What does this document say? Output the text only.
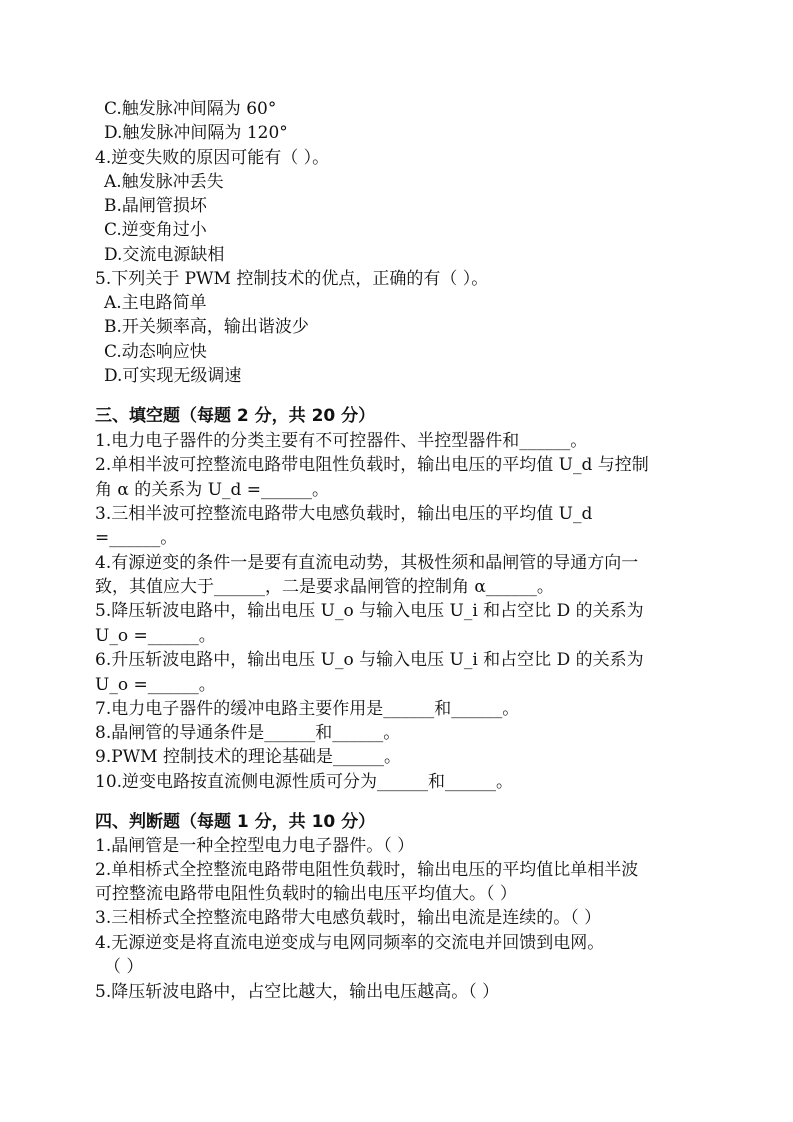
C.触发脉冲间隔为 60°
D.触发脉冲间隔为 120°
4.逆变失败的原因可能有（ ）。
A.触发脉冲丢失
B.晶闸管损坏
C.逆变角过小
D.交流电源缺相
5.下列关于 PWM 控制技术的优点，正确的有（ ）。
A.主电路简单
B.开关频率高，输出谐波少
C.动态响应快
D.可实现无级调速
三、填空题（每题 2 分，共 20 分）
1.电力电子器件的分类主要有不可控器件、半控型器件和______。
2.单相半波可控整流电路带电阻性负载时，输出电压的平均值 U_d 与控制
角 α 的关系为 U_d =______。
3.三相半波可控整流电路带大电感负载时，输出电压的平均值 U_d
=______。
4.有源逆变的条件一是要有直流电动势，其极性须和晶闸管的导通方向一
致，其值应大于______，二是要求晶闸管的控制角 α______。
5.降压斩波电路中，输出电压 U_o 与输入电压 U_i 和占空比 D 的关系为
U_o =______。
6.升压斩波电路中，输出电压 U_o 与输入电压 U_i 和占空比 D 的关系为
U_o =______。
7.电力电子器件的缓冲电路主要作用是______和______。
8.晶闸管的导通条件是______和______。
9.PWM 控制技术的理论基础是______。
10.逆变电路按直流侧电源性质可分为______和______。
四、判断题（每题 1 分，共 10 分）
1.晶闸管是一种全控型电力电子器件。（ ）
2.单相桥式全控整流电路带电阻性负载时，输出电压的平均值比单相半波
可控整流电路带电阻性负载时的输出电压平均值大。（ ）
3.三相桥式全控整流电路带大电感负载时，输出电流是连续的。（ ）
4.无源逆变是将直流电逆变成与电网同频率的交流电并回馈到电网。
（ ）
5.降压斩波电路中，占空比越大，输出电压越高。（ ）
